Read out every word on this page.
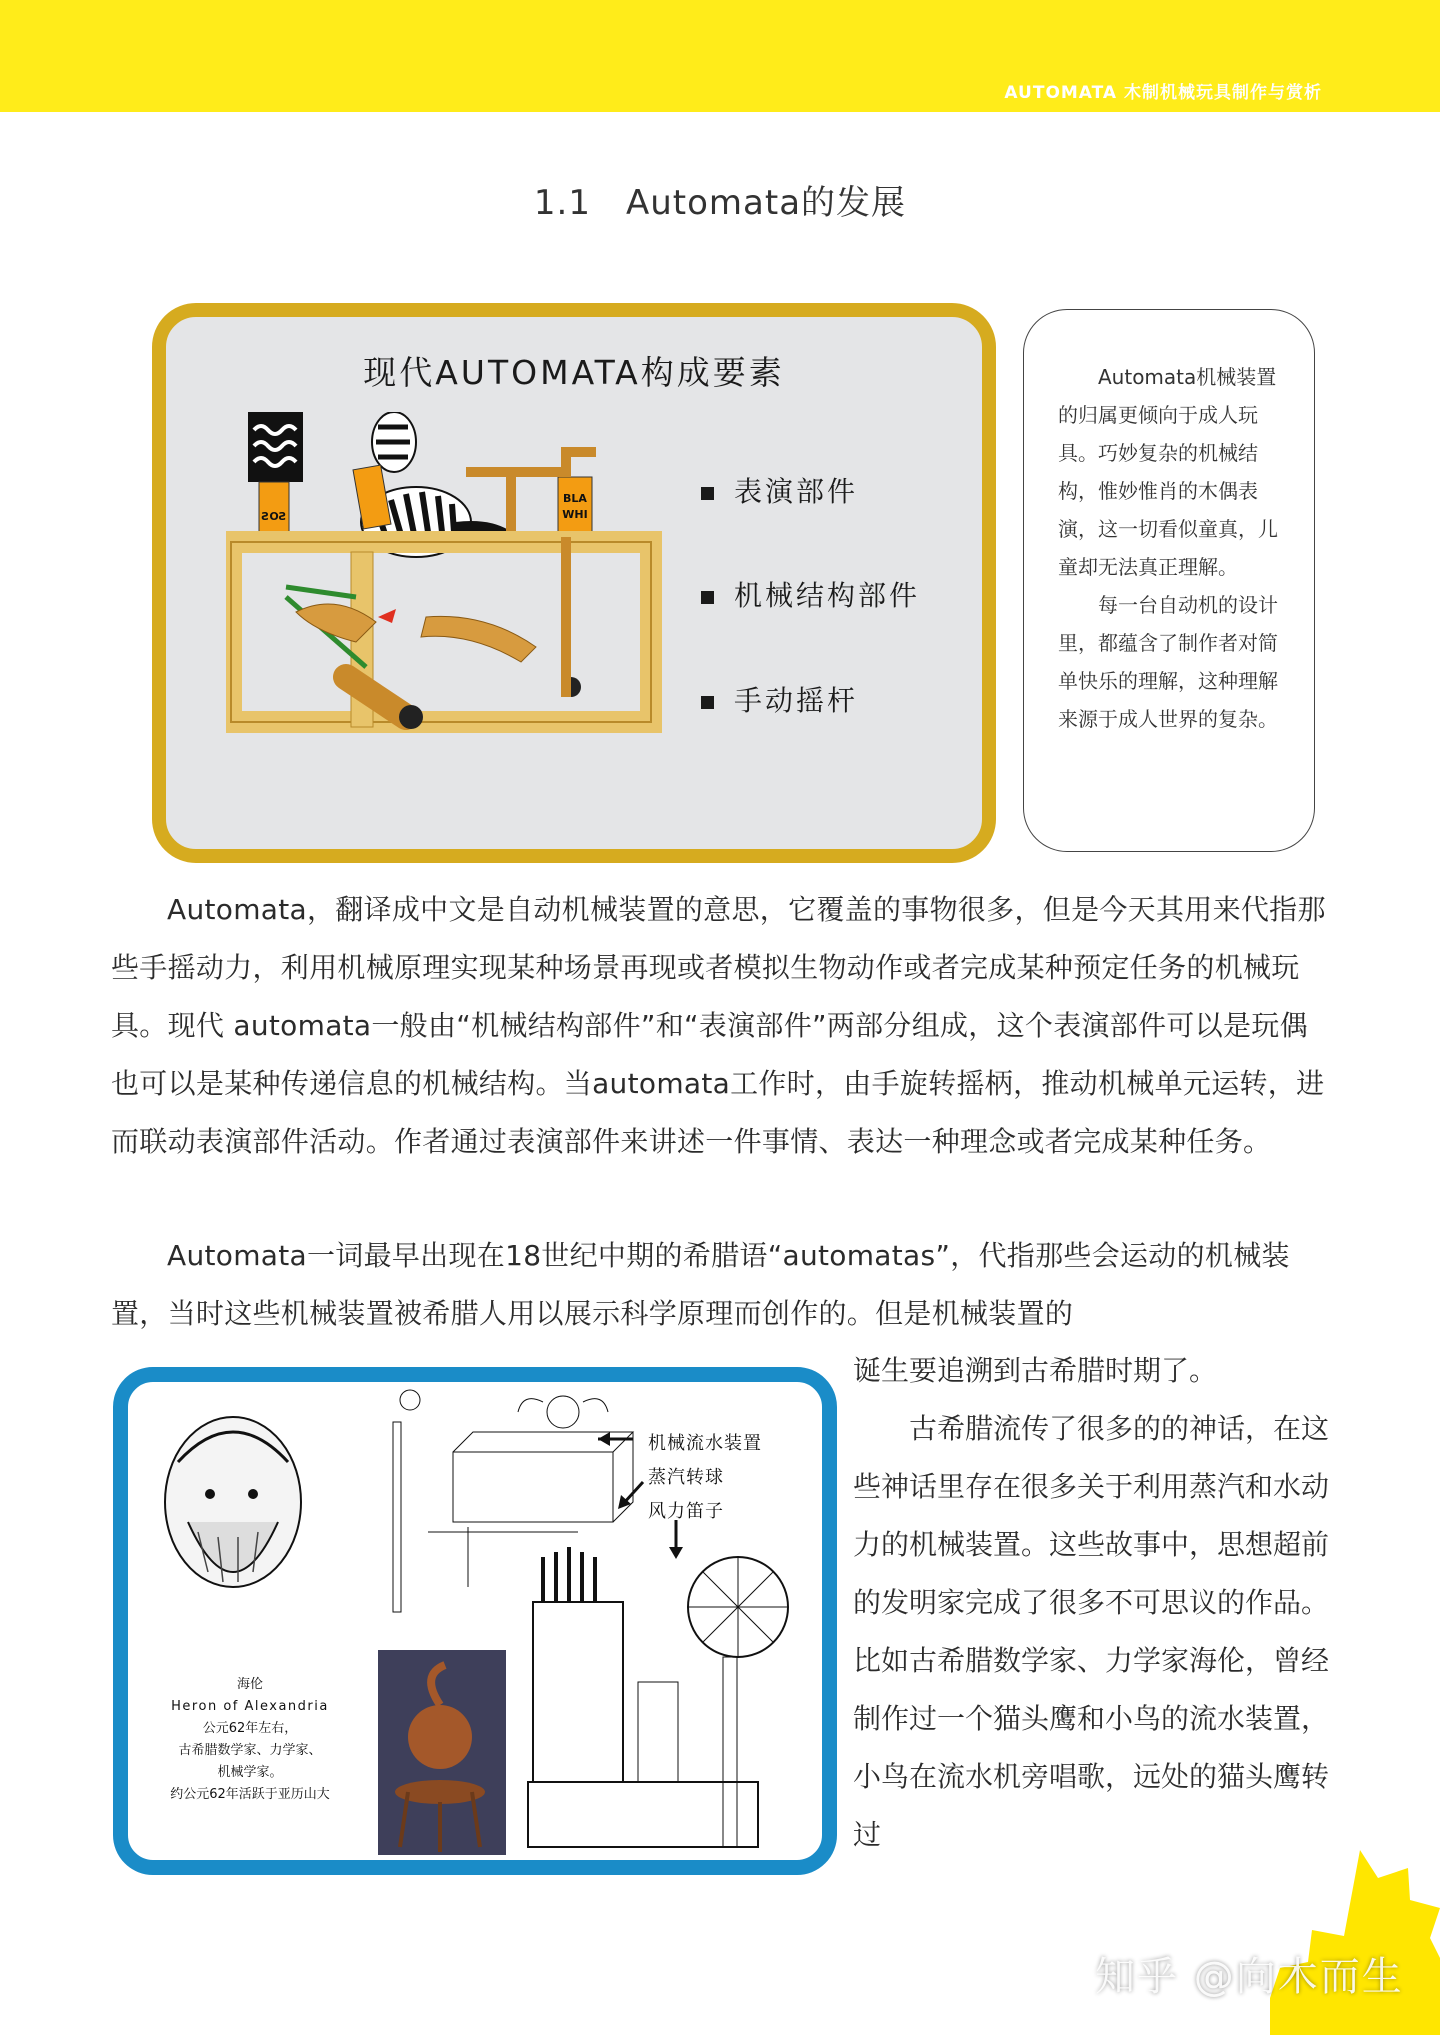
AUTOMATA 木制机械玩具制作与赏析
1.1　Automata的发展
现代AUTOMATA构成要素
ƧOƧ
BLA
WHI
表演部件
机械结构部件
手动摇杆

Automata机械装置的归属更倾向于成人玩具。巧妙复杂的机械结构，惟妙惟肖的木偶表演，这一切看似童真，儿童却无法真正理解。

每一台自动机的设计里，都蕴含了制作者对简单快乐的理解，这种理解来源于成人世界的复杂。

Automata，翻译成中文是自动机械装置的意思，它覆盖的事物很多，但是今天其用来代指那些手摇动力，利用机械原理实现某种场景再现或者模拟生物动作或者完成某种预定任务的机械玩具。现代 automata一般由“机械结构部件”和“表演部件”两部分组成，这个表演部件可以是玩偶也可以是某种传递信息的机械结构。当automata工作时，由手旋转摇柄，推动机械单元运转，进而联动表演部件活动。作者通过表演部件来讲述一件事情、表达一种理念或者完成某种任务。

Automata一词最早出现在18世纪中期的希腊语“automatas”，代指那些会运动的机械装置，当时这些机械装置被希腊人用以展示科学原理而创作的。但是机械装置的

诞生要追溯到古希腊时期了。

古希腊流传了很多的的神话，在这些神话里存在很多关于利用蒸汽和水动力的机械装置。这些故事中，思想超前的发明家完成了很多不可思议的作品。比如古希腊数学家、力学家海伦，曾经制作过一个猫头鹰和小鸟的流水装置，小鸟在流水机旁唱歌，远处的猫头鹰转过

机械流水装置
蒸汽转球
风力笛子
海伦
Heron of Alexandria
公元62年左右，
古希腊数学家、力学家、
机械学家。
约公元62年活跃于亚历山大
知乎 @向木而生
